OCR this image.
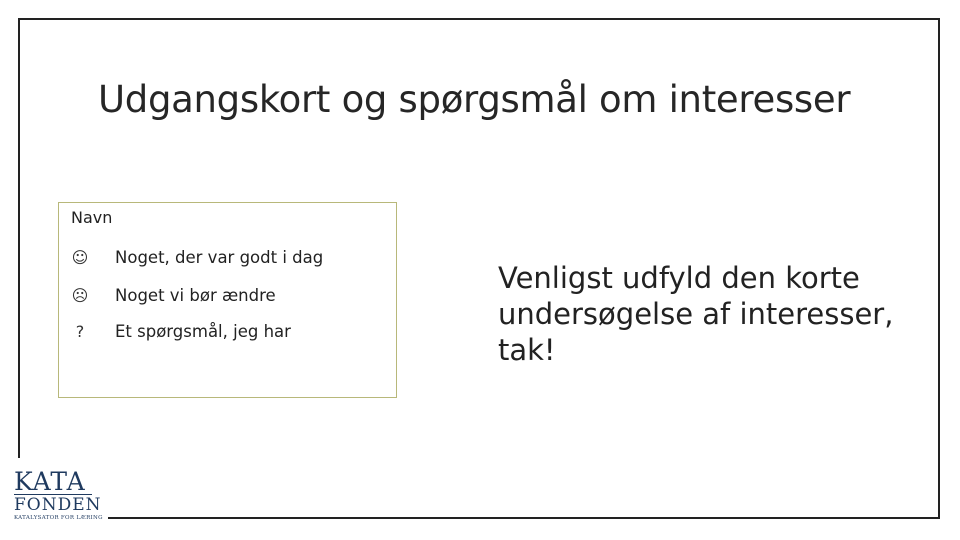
Udgangskort og spørgsmål om interesser
Navn
☺ Noget, der var godt i dag
☹ Noget vi bør ændre
? Et spørgsmål, jeg har
Venligst udfyld den korte undersøgelse af interesser, tak!
KATA
FONDEN
KATALYSATOR FOR LÆRING
